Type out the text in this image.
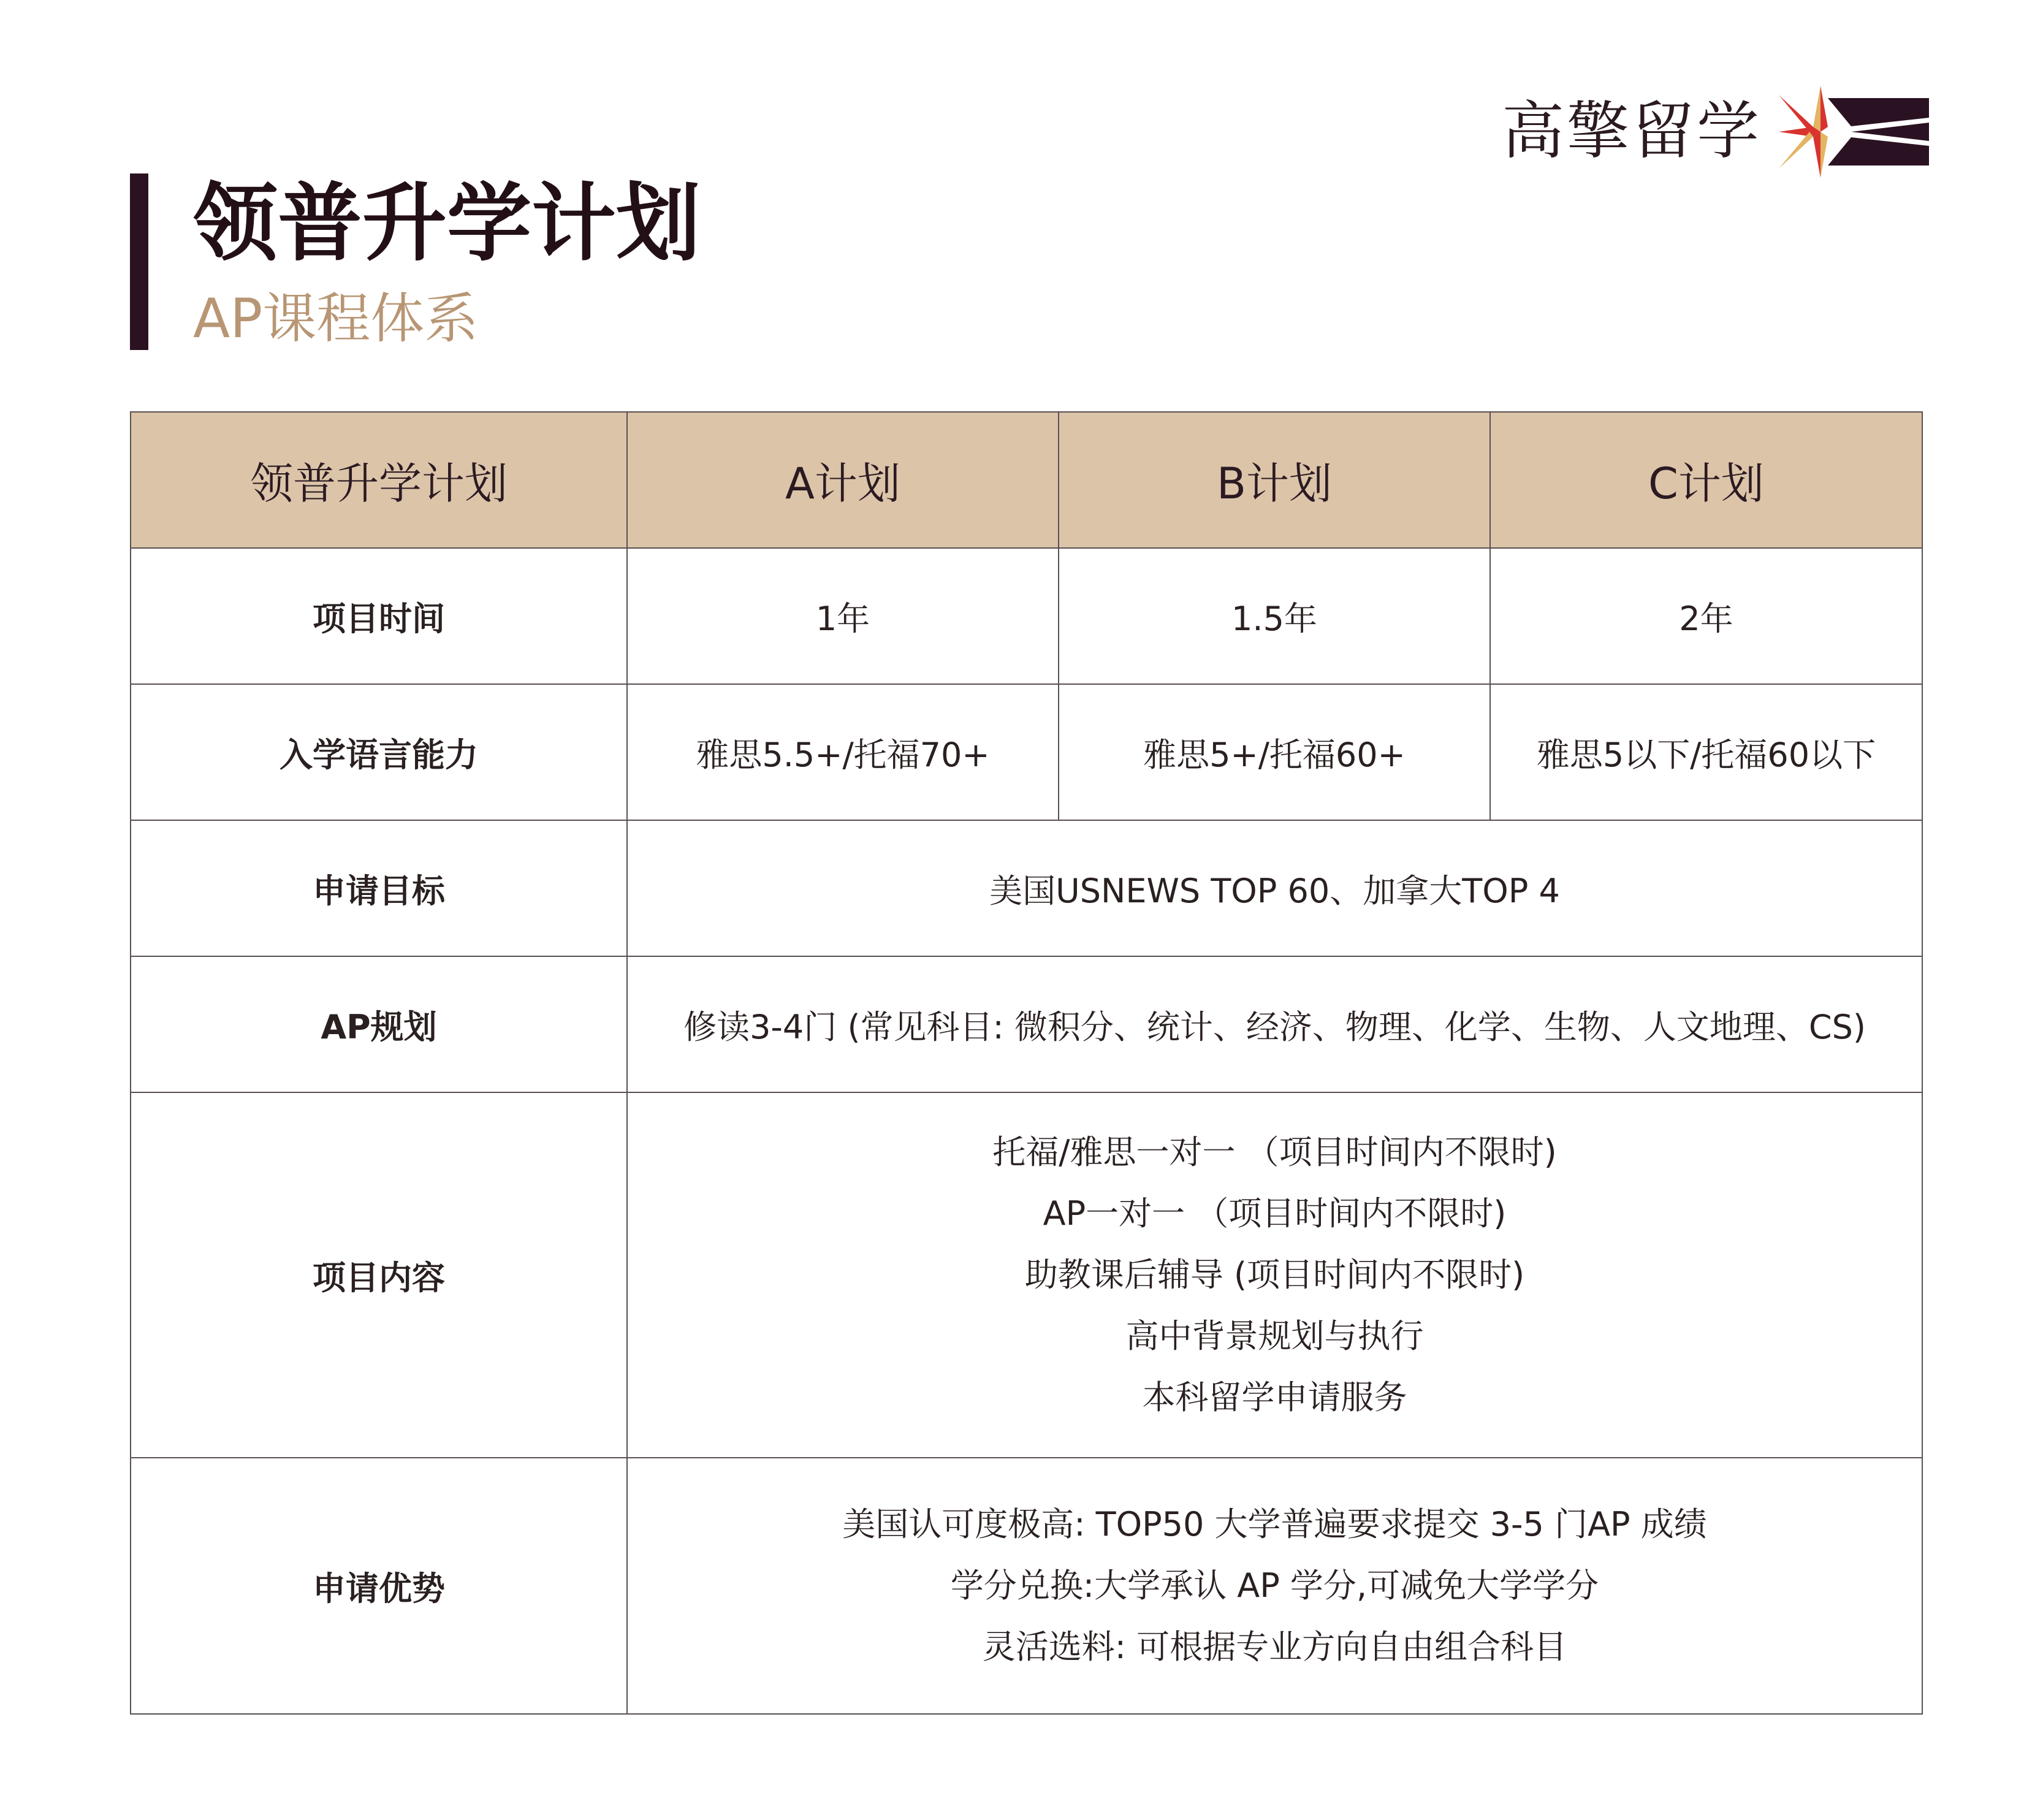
高擎留学
领普升学计划
AP课程体系
领普升学计划	A计划	B计划	C计划
项目时间	1年	1.5年	2年
入学语言能力	雅思5.5+/托福70+	雅思5+/托福60+	雅思5以下/托福60以下
申请目标	美国USNEWS TOP 60、加拿大TOP 4		
AP规划	修读3-4门 (常见科目: 微积分、统计、经济、物理、化学、生物、人文地理、CS)		
项目内容	托福/雅思一对一 （项目时间内不限时)
AP一对一 （项目时间内不限时)
助教课后辅导 (项目时间内不限时)
高中背景规划与执行
本科留学申请服务		

申请优势	美国认可度极高: TOP50 大学普遍要求提交 3-5 门AP 成绩
学分兑换:大学承认 AP 学分,可减免大学学分
灵活选料: 可根据专业方向自由组合科目		
